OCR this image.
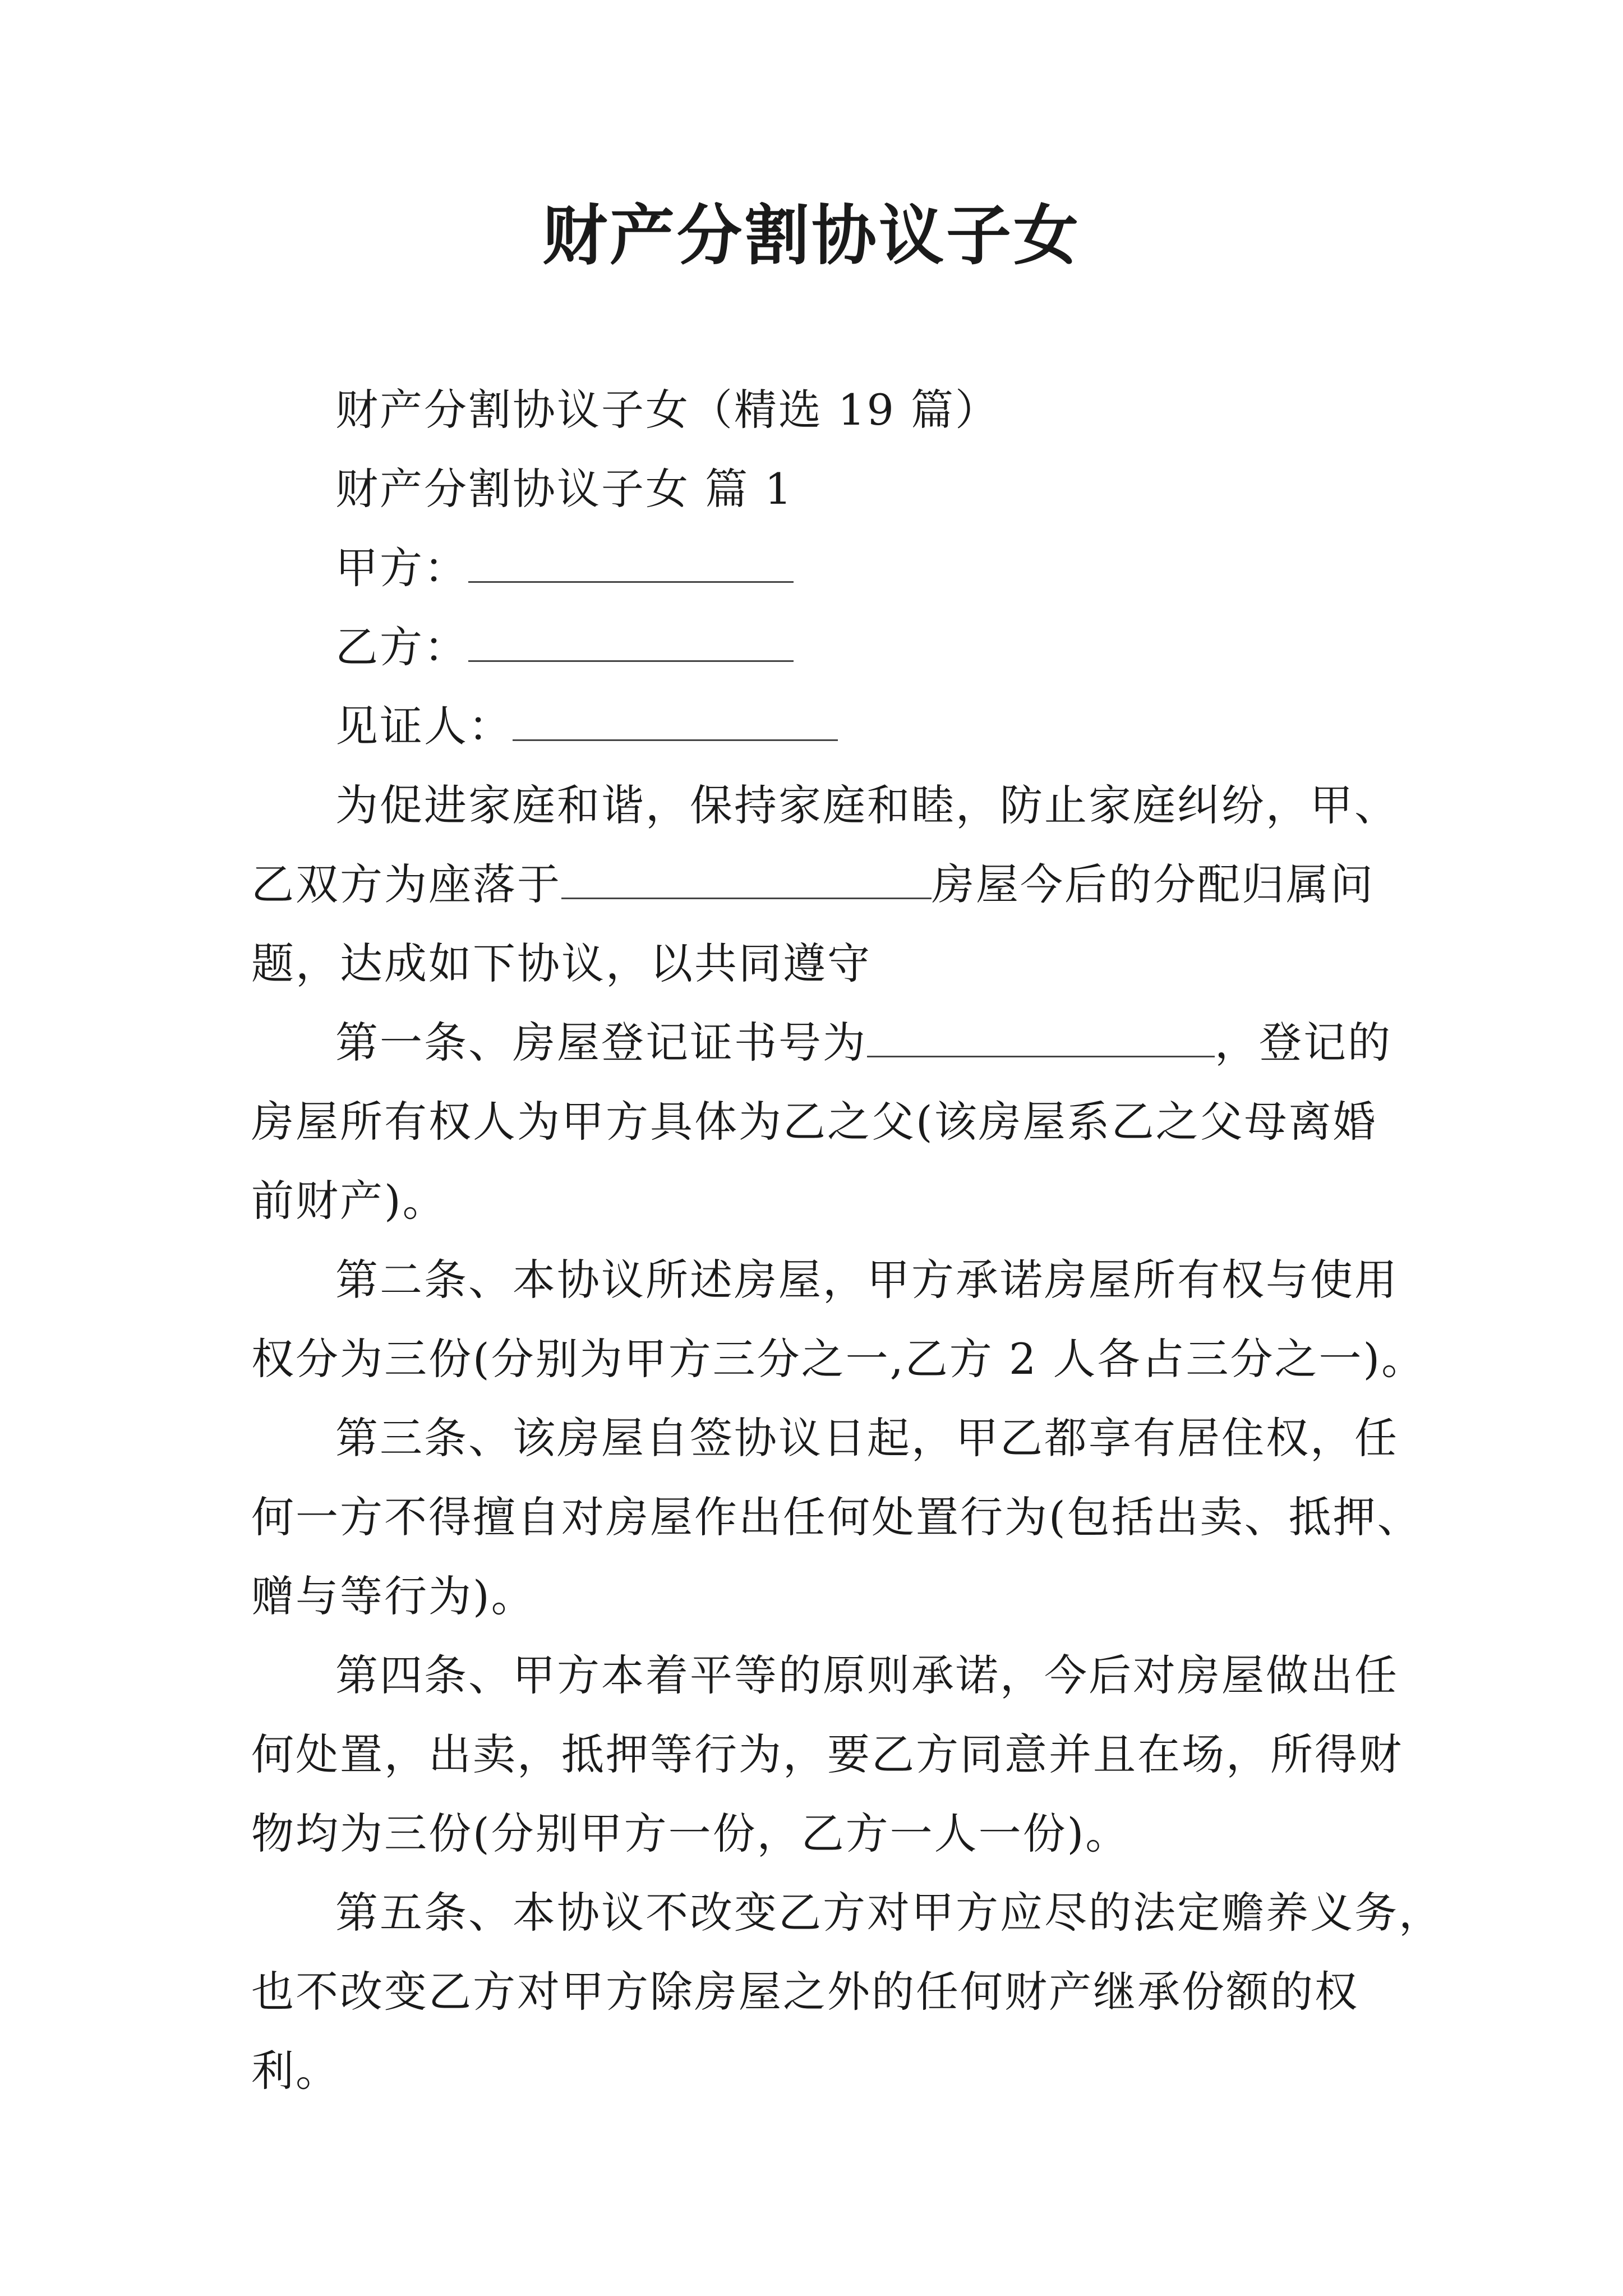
财产分割协议子女

财产分割协议子女（精选 19 篇）

财产分割协议子女 篇 1

甲方：

乙方：

见证人：

为促进家庭和谐，保持家庭和睦，防止家庭纠纷，甲、

乙双方为座落于	房屋今后的分配归属问

题，达成如下协议，以共同遵守

第一条、房屋登记证书号为	，登记的

房屋所有权人为甲方具体为乙之父(该房屋系乙之父母离婚

前财产)。

第二条、本协议所述房屋，甲方承诺房屋所有权与使用

权分为三份(分别为甲方三分之一,乙方 2 人各占三分之一)。

第三条、该房屋自签协议日起，甲乙都享有居住权，任

何一方不得擅自对房屋作出任何处置行为(包括出卖、抵押、

赠与等行为)。

第四条、甲方本着平等的原则承诺，今后对房屋做出任

何处置，出卖，抵押等行为，要乙方同意并且在场，所得财

物均为三份(分别甲方一份，乙方一人一份)。

第五条、本协议不改变乙方对甲方应尽的法定赡养义务，

也不改变乙方对甲方除房屋之外的任何财产继承份额的权

利。
